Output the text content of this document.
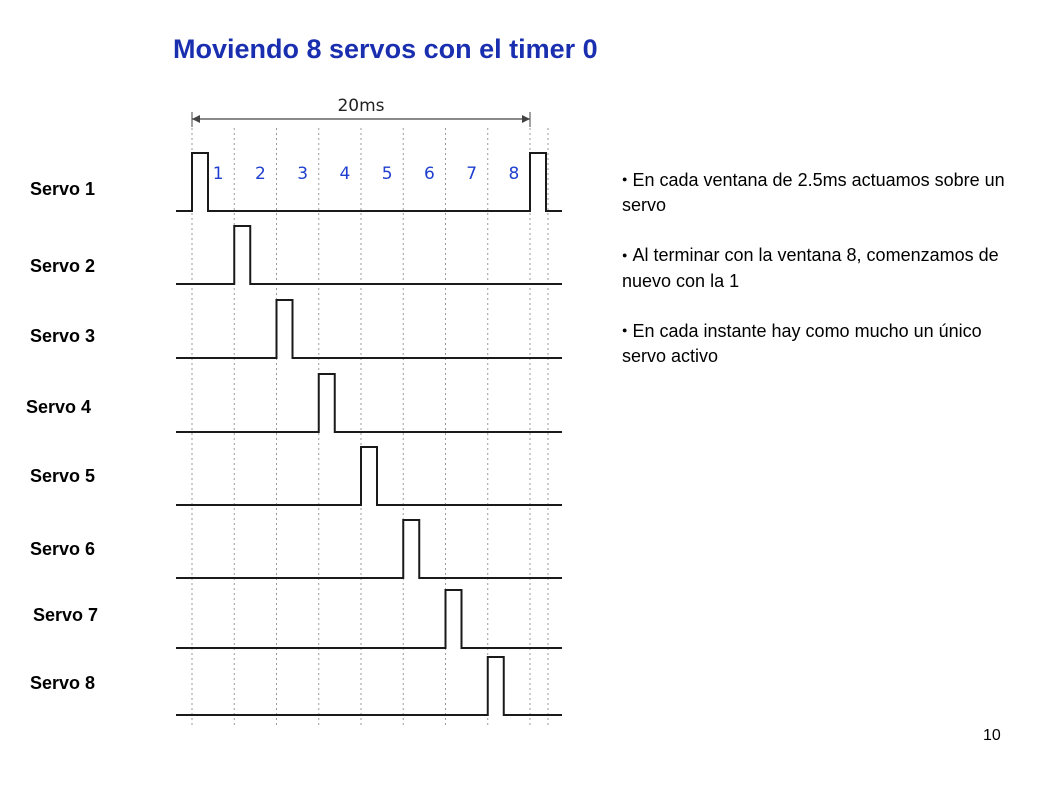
Moviendo 8 servos con el timer 0
20ms
1 2 3 4 5 6 7 8
Servo 1
Servo 2
Servo 3
Servo 4
Servo 5
Servo 6
Servo 7
Servo 8
● En cada ventana de 2.5ms actuamos sobre un servo
● Al terminar con la ventana 8, comenzamos de nuevo con la 1
● En cada instante hay como mucho un único servo activo
10
